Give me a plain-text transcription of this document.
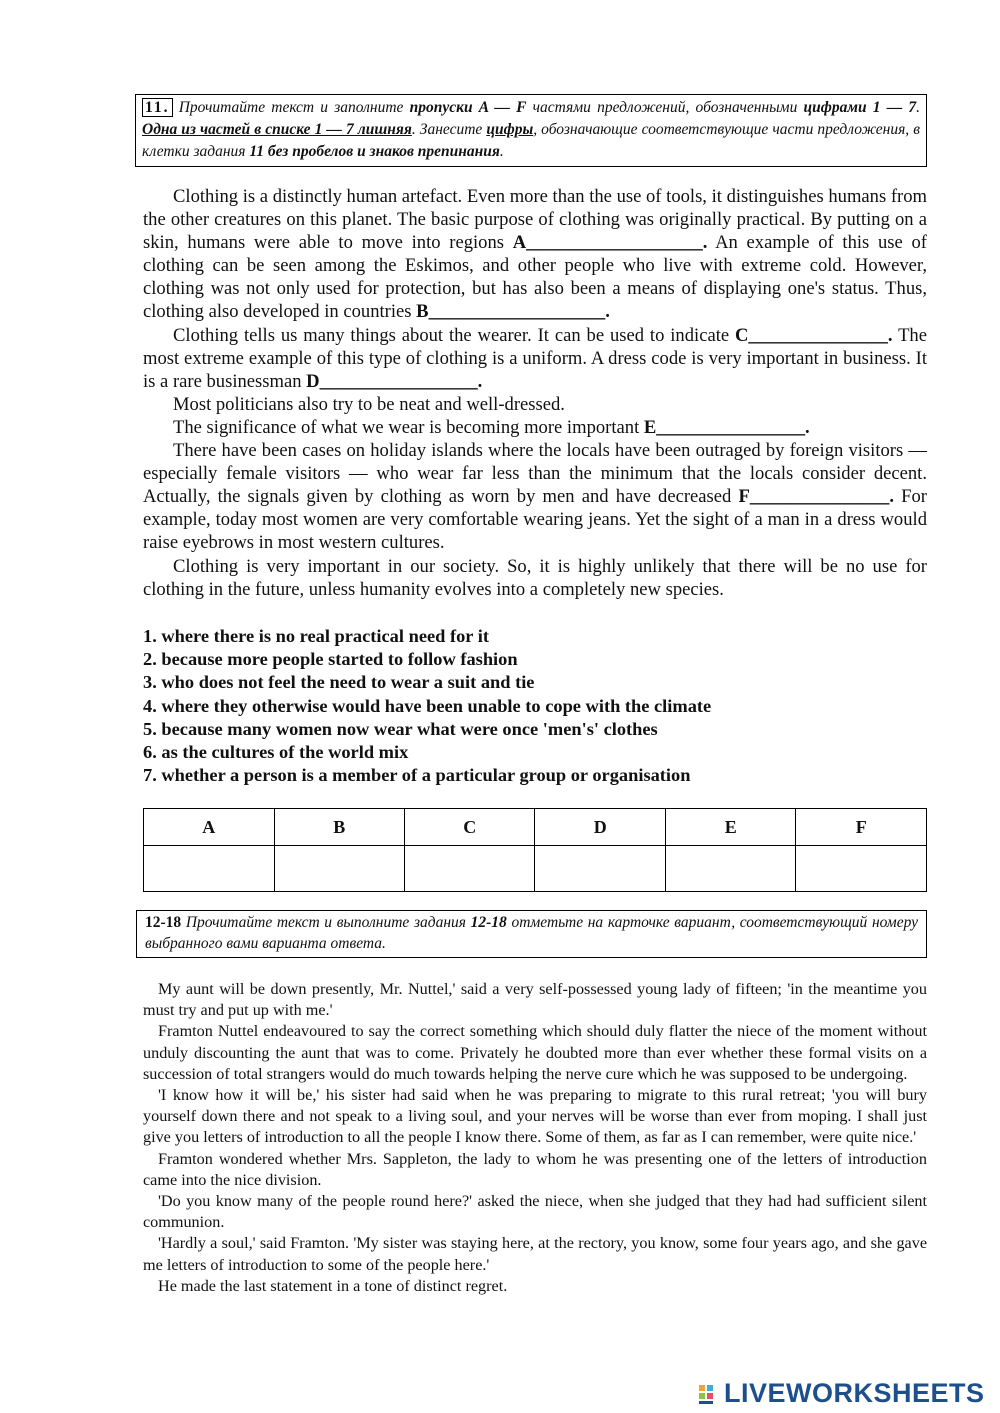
11. Прочитайте текст и заполните пропуски A — F частями предложений, обозначенными цифрами 1 — 7. Одна из частей в списке 1 — 7 лишняя. Занесите цифры, обозначающие соответствующие части предложения, в клетки задания 11 без пробелов и знаков препинания.

Clothing is a distinctly human artefact. Even more than the use of tools, it distinguishes humans from the other creatures on this planet. The basic purpose of clothing was originally practical. By putting on a skin, humans were able to move into regions A___________________. An example of this use of clothing can be seen among the Eskimos, and other people who live with extreme cold. However, clothing was not only used for protection, but has also been a means of displaying one's status. Thus, clothing also developed in countries B___________________.

Clothing tells us many things about the wearer. It can be used to indicate C_______________. The most extreme example of this type of clothing is a uniform. A dress code is very important in business. It is a rare businessman D_________________.

Most politicians also try to be neat and well-dressed.

The significance of what we wear is becoming more important E________________.

There have been cases on holiday islands where the locals have been outraged by foreign visitors — especially female visitors — who wear far less than the minimum that the locals consider decent. Actually, the signals given by clothing as worn by men and have decreased F_______________. For example, today most women are very comfortable wearing jeans. Yet the sight of a man in a dress would raise eyebrows in most western cultures.

Clothing is very important in our society. So, it is highly unlikely that there will be no use for clothing in the future, unless humanity evolves into a completely new species.

1. where there is no real practical need for it
2. because more people started to follow fashion
3. who does not feel the need to wear a suit and tie
4. where they otherwise would have been unable to cope with the climate
5. because many women now wear what were once 'men's' clothes
6. as the cultures of the world mix
7. whether a person is a member of a particular group or organisation
A	B	C	D	E	F

12-18 Прочитайте текст и выполните задания 12-18 отметьте на карточке вариант, соответствующий номеру выбранного вами варианта ответа.

My aunt will be down presently, Mr. Nuttel,' said a very self-possessed young lady of fifteen; 'in the meantime you must try and put up with me.'

Framton Nuttel endeavoured to say the correct something which should duly flatter the niece of the moment without unduly discounting the aunt that was to come. Privately he doubted more than ever whether these formal visits on a succession of total strangers would do much towards helping the nerve cure which he was supposed to be undergoing.

'I know how it will be,' his sister had said when he was preparing to migrate to this rural retreat; 'you will bury yourself down there and not speak to a living soul, and your nerves will be worse than ever from moping. I shall just give you letters of introduction to all the people I know there. Some of them, as far as I can remember, were quite nice.'

Framton wondered whether Mrs. Sappleton, the lady to whom he was presenting one of the letters of introduction came into the nice division.

'Do you know many of the people round here?' asked the niece, when she judged that they had had sufficient silent communion.

'Hardly a soul,' said Framton. 'My sister was staying here, at the rectory, you know, some four years ago, and she gave me letters of introduction to some of the people here.'

He made the last statement in a tone of distinct regret.

LIVEWORKSHEETS
